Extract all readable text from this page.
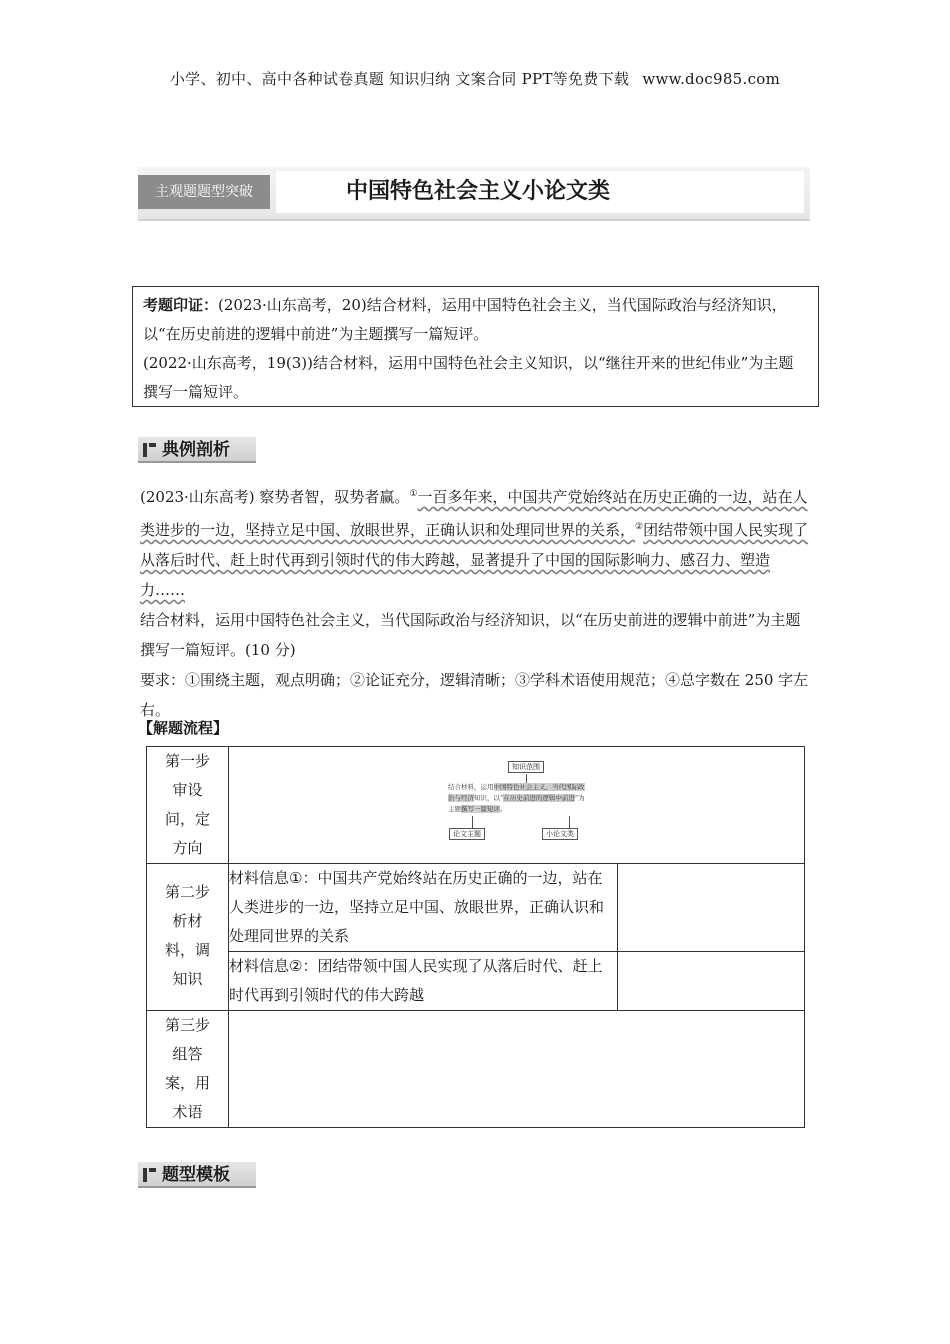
小学、初中、高中各种试卷真题 知识归纳 文案合同 PPT等免费下载 www.doc985.com
主观题题型突破	中国特色社会主义小论文类

考题印证：(2023·山东高考，20)结合材料，运用中国特色社会主义，当代国际政治与经济知识，以“在历史前进的逻辑中前进”为主题撰写一篇短评。

(2022·山东高考，19(3))结合材料，运用中国特色社会主义知识，以“继往开来的世纪伟业”为主题撰写一篇短评。

典例剖析

(2023·山东高考) 察势者智，驭势者赢。①一百多年来，中国共产党始终站在历史正确的一边，站在人类进步的一边，坚持立足中国、放眼世界，正确认识和处理同世界的关系，②团结带领中国人民实现了从落后时代、赶上时代再到引领时代的伟大跨越，显著提升了中国的国际影响力、感召力、塑造力……

结合材料，运用中国特色社会主义，当代国际政治与经济知识，以“在历史前进的逻辑中前进”为主题撰写一篇短评。(10 分)

要求：①围绕主题，观点明确；②论证充分，逻辑清晰；③学科术语使用规范；④总字数在 250 字左右。

【解题流程】
第一步审设问，定方向	知识范围
结合材料，运用中国特色社会主义、当代国际政治与经济知识，以“在历史前进的逻辑中前进”为主题撰写一篇短评。
论文主题 小论文类	

第二步析材料，调知识	材料信息①：中国共产党始终站在历史正确的一边，站在人类进步的一边，坚持立足中国、放眼世界，正确认识和处理同世界的关系	
	材料信息②：团结带领中国人民实现了从落后时代、赶上时代再到引领时代的伟大跨越	

第三步组答案，用术语		

题型模板
